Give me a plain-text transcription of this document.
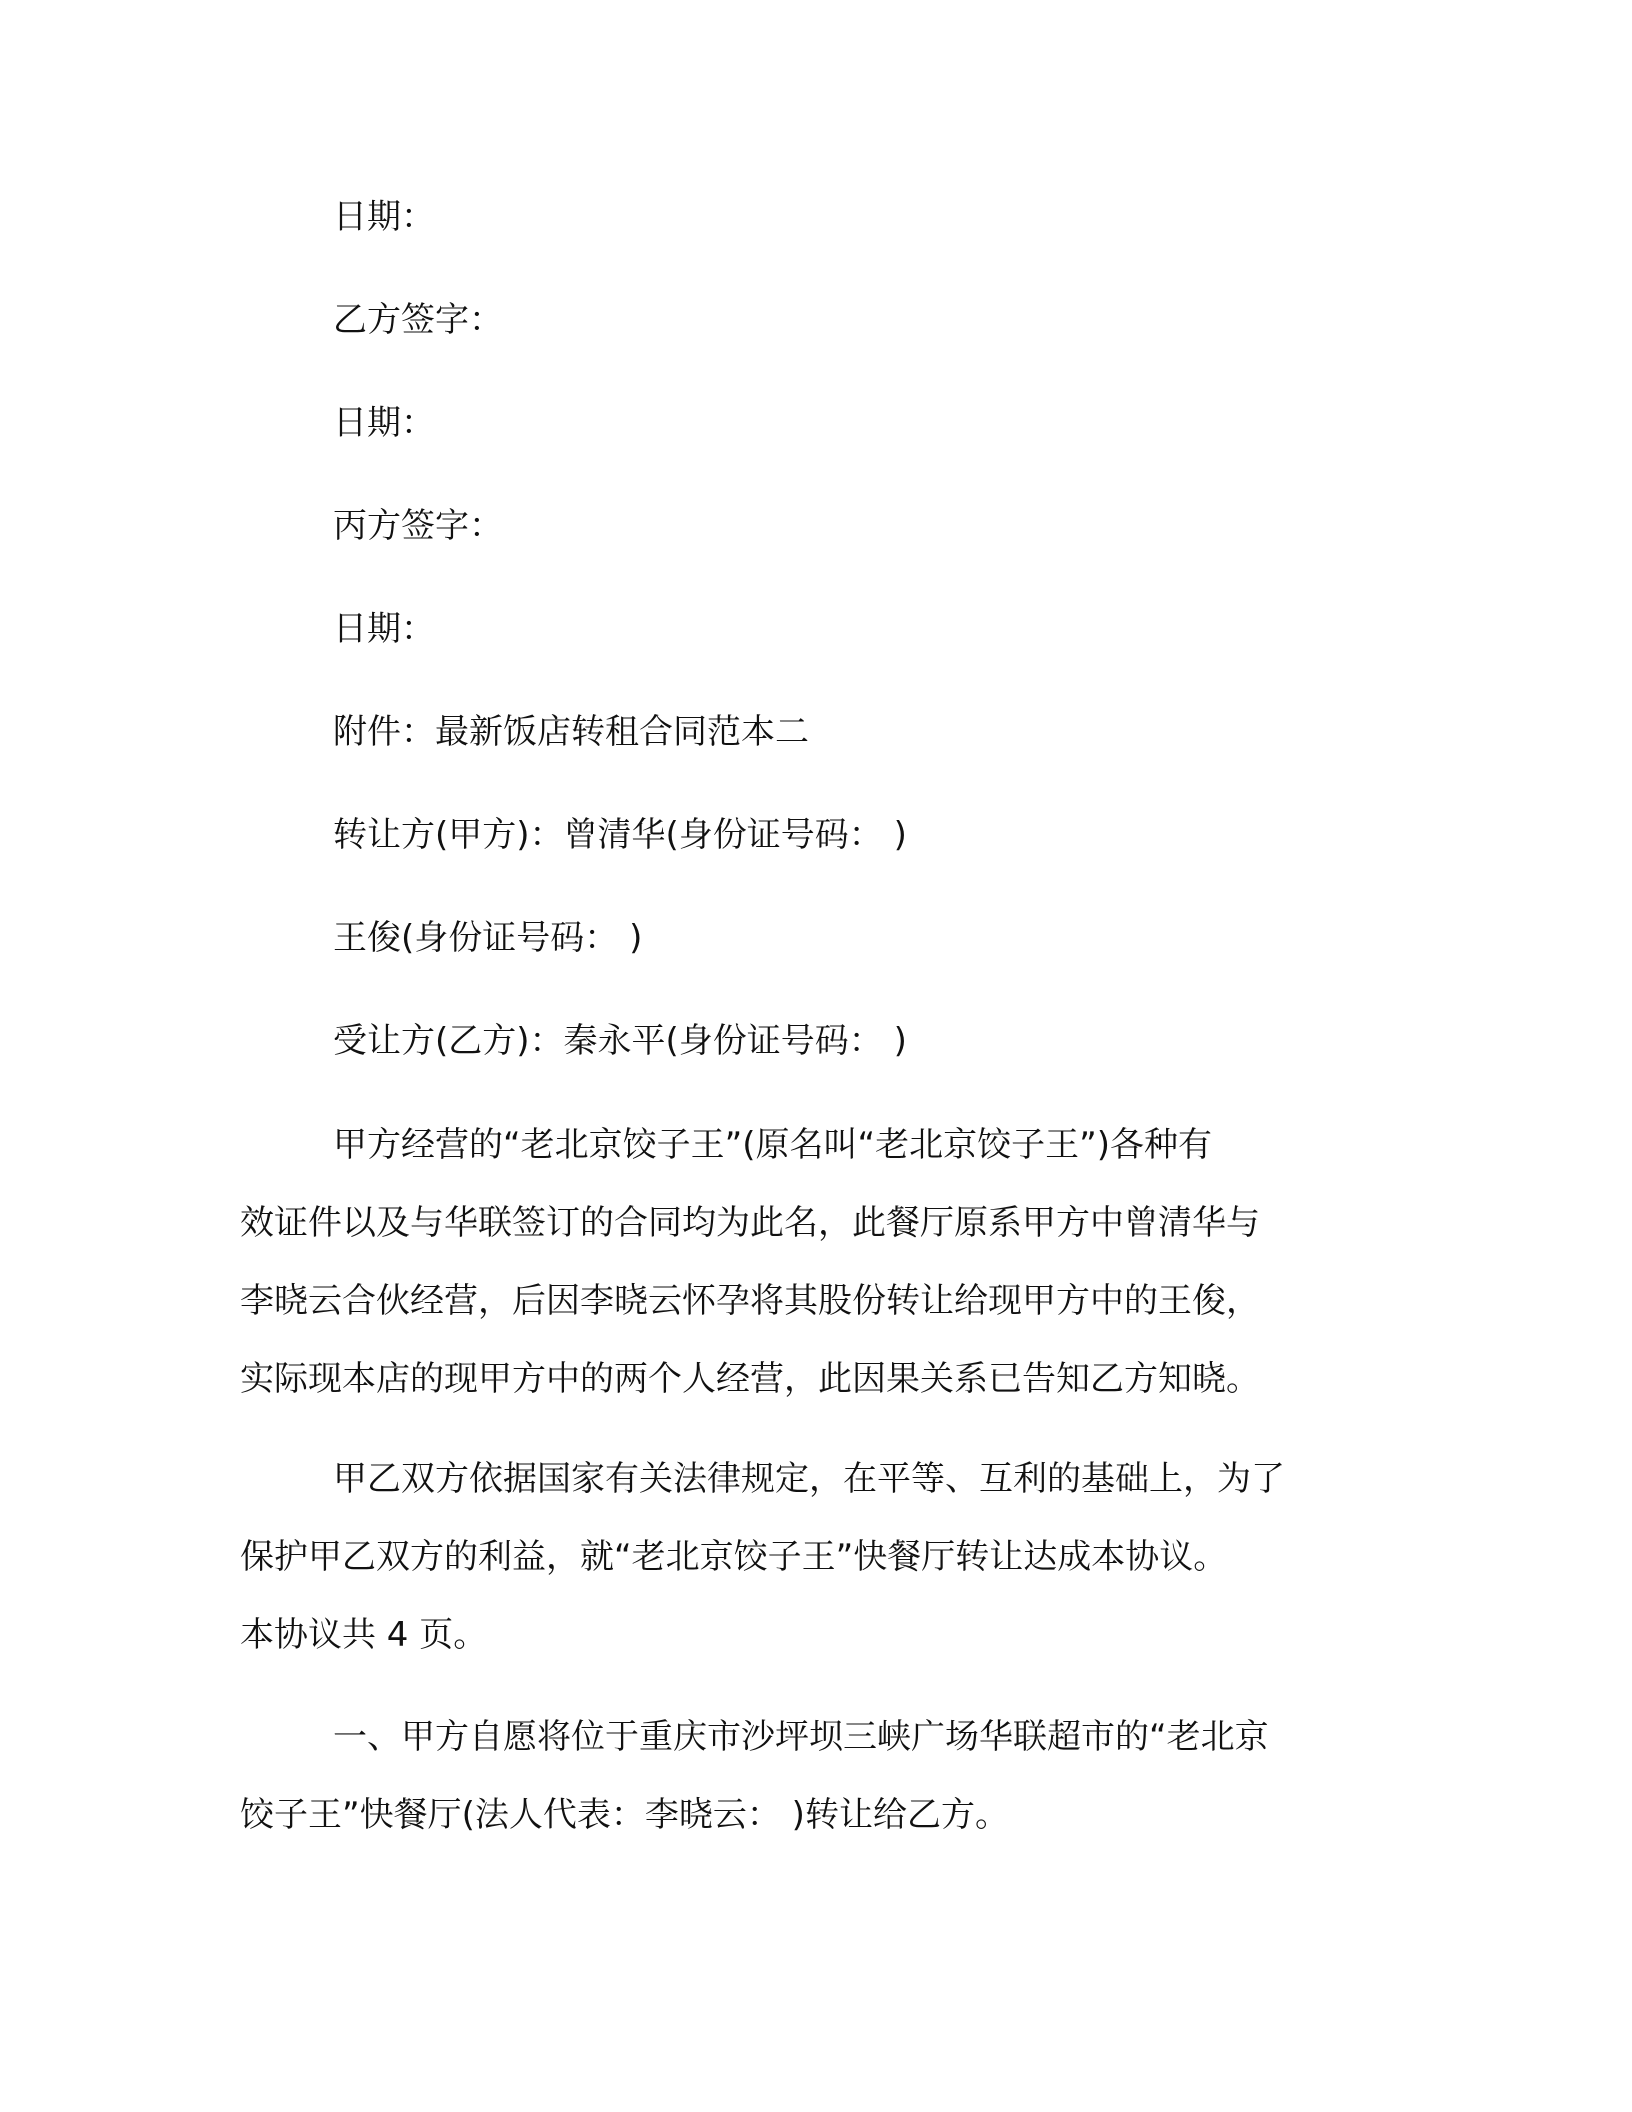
日期：
乙方签字：
日期：
丙方签字：
日期：
附件：最新饭店转租合同范本二
转让方(甲方)：曾清华(身份证号码： )
王俊(身份证号码： )
受让方(乙方)：秦永平(身份证号码： )
甲方经营的“老北京饺子王”(原名叫“老北京饺子王”)各种有
效证件以及与华联签订的合同均为此名，此餐厅原系甲方中曾清华与
李晓云合伙经营，后因李晓云怀孕将其股份转让给现甲方中的王俊，
实际现本店的现甲方中的两个人经营，此因果关系已告知乙方知晓。
甲乙双方依据国家有关法律规定，在平等、互利的基础上，为了
保护甲乙双方的利益，就“老北京饺子王”快餐厅转让达成本协议。
本协议共 4 页。
一、甲方自愿将位于重庆市沙坪坝三峡广场华联超市的“老北京
饺子王”快餐厅(法人代表：李晓云： )转让给乙方。
